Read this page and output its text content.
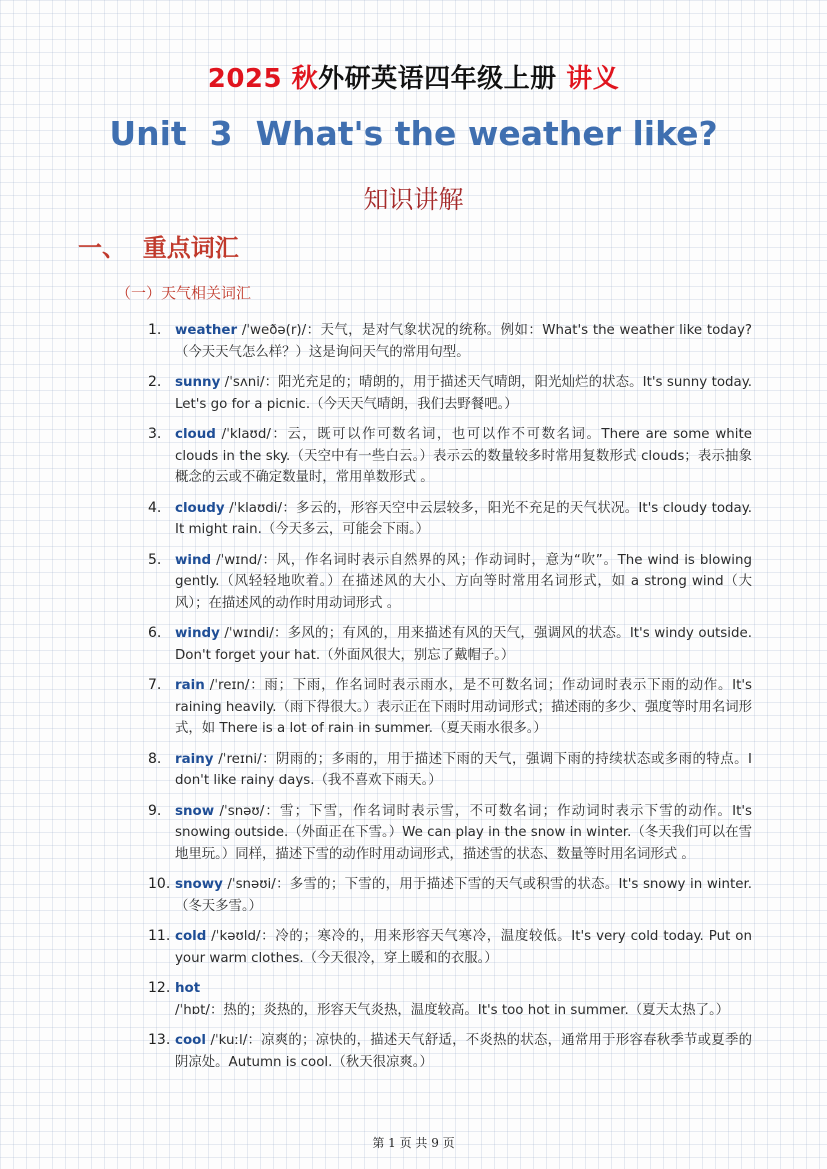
2025 秋外研英语四年级上册 讲义
Unit  3  What's the weather like?
知识讲解
一、  重点词汇
（一）天气相关词汇
1.	weather /ˈweðə(r)/：天气，是对气象状况的统称。例如：What's the weather like today?（今天天气怎么样？）这是询问天气的常用句型。
2.	sunny /ˈsʌni/：阳光充足的；晴朗的，用于描述天气晴朗，阳光灿烂的状态。It's sunny today. Let's go for a picnic.（今天天气晴朗，我们去野餐吧。）
3.	cloud /ˈklaʊd/：云，既可以作可数名词，也可以作不可数名词。There are some white clouds in the sky.（天空中有一些白云。）表示云的数量较多时常用复数形式 clouds；表示抽象概念的云或不确定数量时，常用单数形式 。
4.	cloudy /ˈklaʊdi/：多云的，形容天空中云层较多，阳光不充足的天气状况。It's cloudy today. It might rain.（今天多云，可能会下雨。）
5.	wind /ˈwɪnd/：风，作名词时表示自然界的风；作动词时，意为“吹”。The wind is blowing gently.（风轻轻地吹着。）在描述风的大小、方向等时常用名词形式，如 a strong wind（大风）；在描述风的动作时用动词形式 。
6.	windy /ˈwɪndi/：多风的；有风的，用来描述有风的天气，强调风的状态。It's windy outside. Don't forget your hat.（外面风很大，别忘了戴帽子。）
7.	rain /ˈreɪn/：雨；下雨，作名词时表示雨水，是不可数名词；作动词时表示下雨的动作。It's raining heavily.（雨下得很大。）表示正在下雨时用动词形式；描述雨的多少、强度等时用名词形式，如 There is a lot of rain in summer.（夏天雨水很多。）
8.	rainy /ˈreɪni/：阴雨的；多雨的，用于描述下雨的天气，强调下雨的持续状态或多雨的特点。I don't like rainy days.（我不喜欢下雨天。）
9.	snow /ˈsnəʊ/：雪；下雪，作名词时表示雪，不可数名词；作动词时表示下雪的动作。It's snowing outside.（外面正在下雪。）We can play in the snow in winter.（冬天我们可以在雪地里玩。）同样，描述下雪的动作时用动词形式，描述雪的状态、数量等时用名词形式 。
10. snowy /ˈsnəʊi/：多雪的；下雪的，用于描述下雪的天气或积雪的状态。It's snowy in winter.（冬天多雪。）
11. cold /ˈkəʊld/：冷的；寒冷的，用来形容天气寒冷，温度较低。It's very cold today. Put on your warm clothes.（今天很冷，穿上暖和的衣服。）
12. hot /ˈhɒt/：热的；炎热的，形容天气炎热，温度较高。It's too hot in summer.（夏天太热了。）
13. cool /ˈkuːl/：凉爽的；凉快的，描述天气舒适，不炎热的状态，通常用于形容春秋季节或夏季的阴凉处。Autumn is cool.（秋天很凉爽。）
第 1 页 共 9 页
